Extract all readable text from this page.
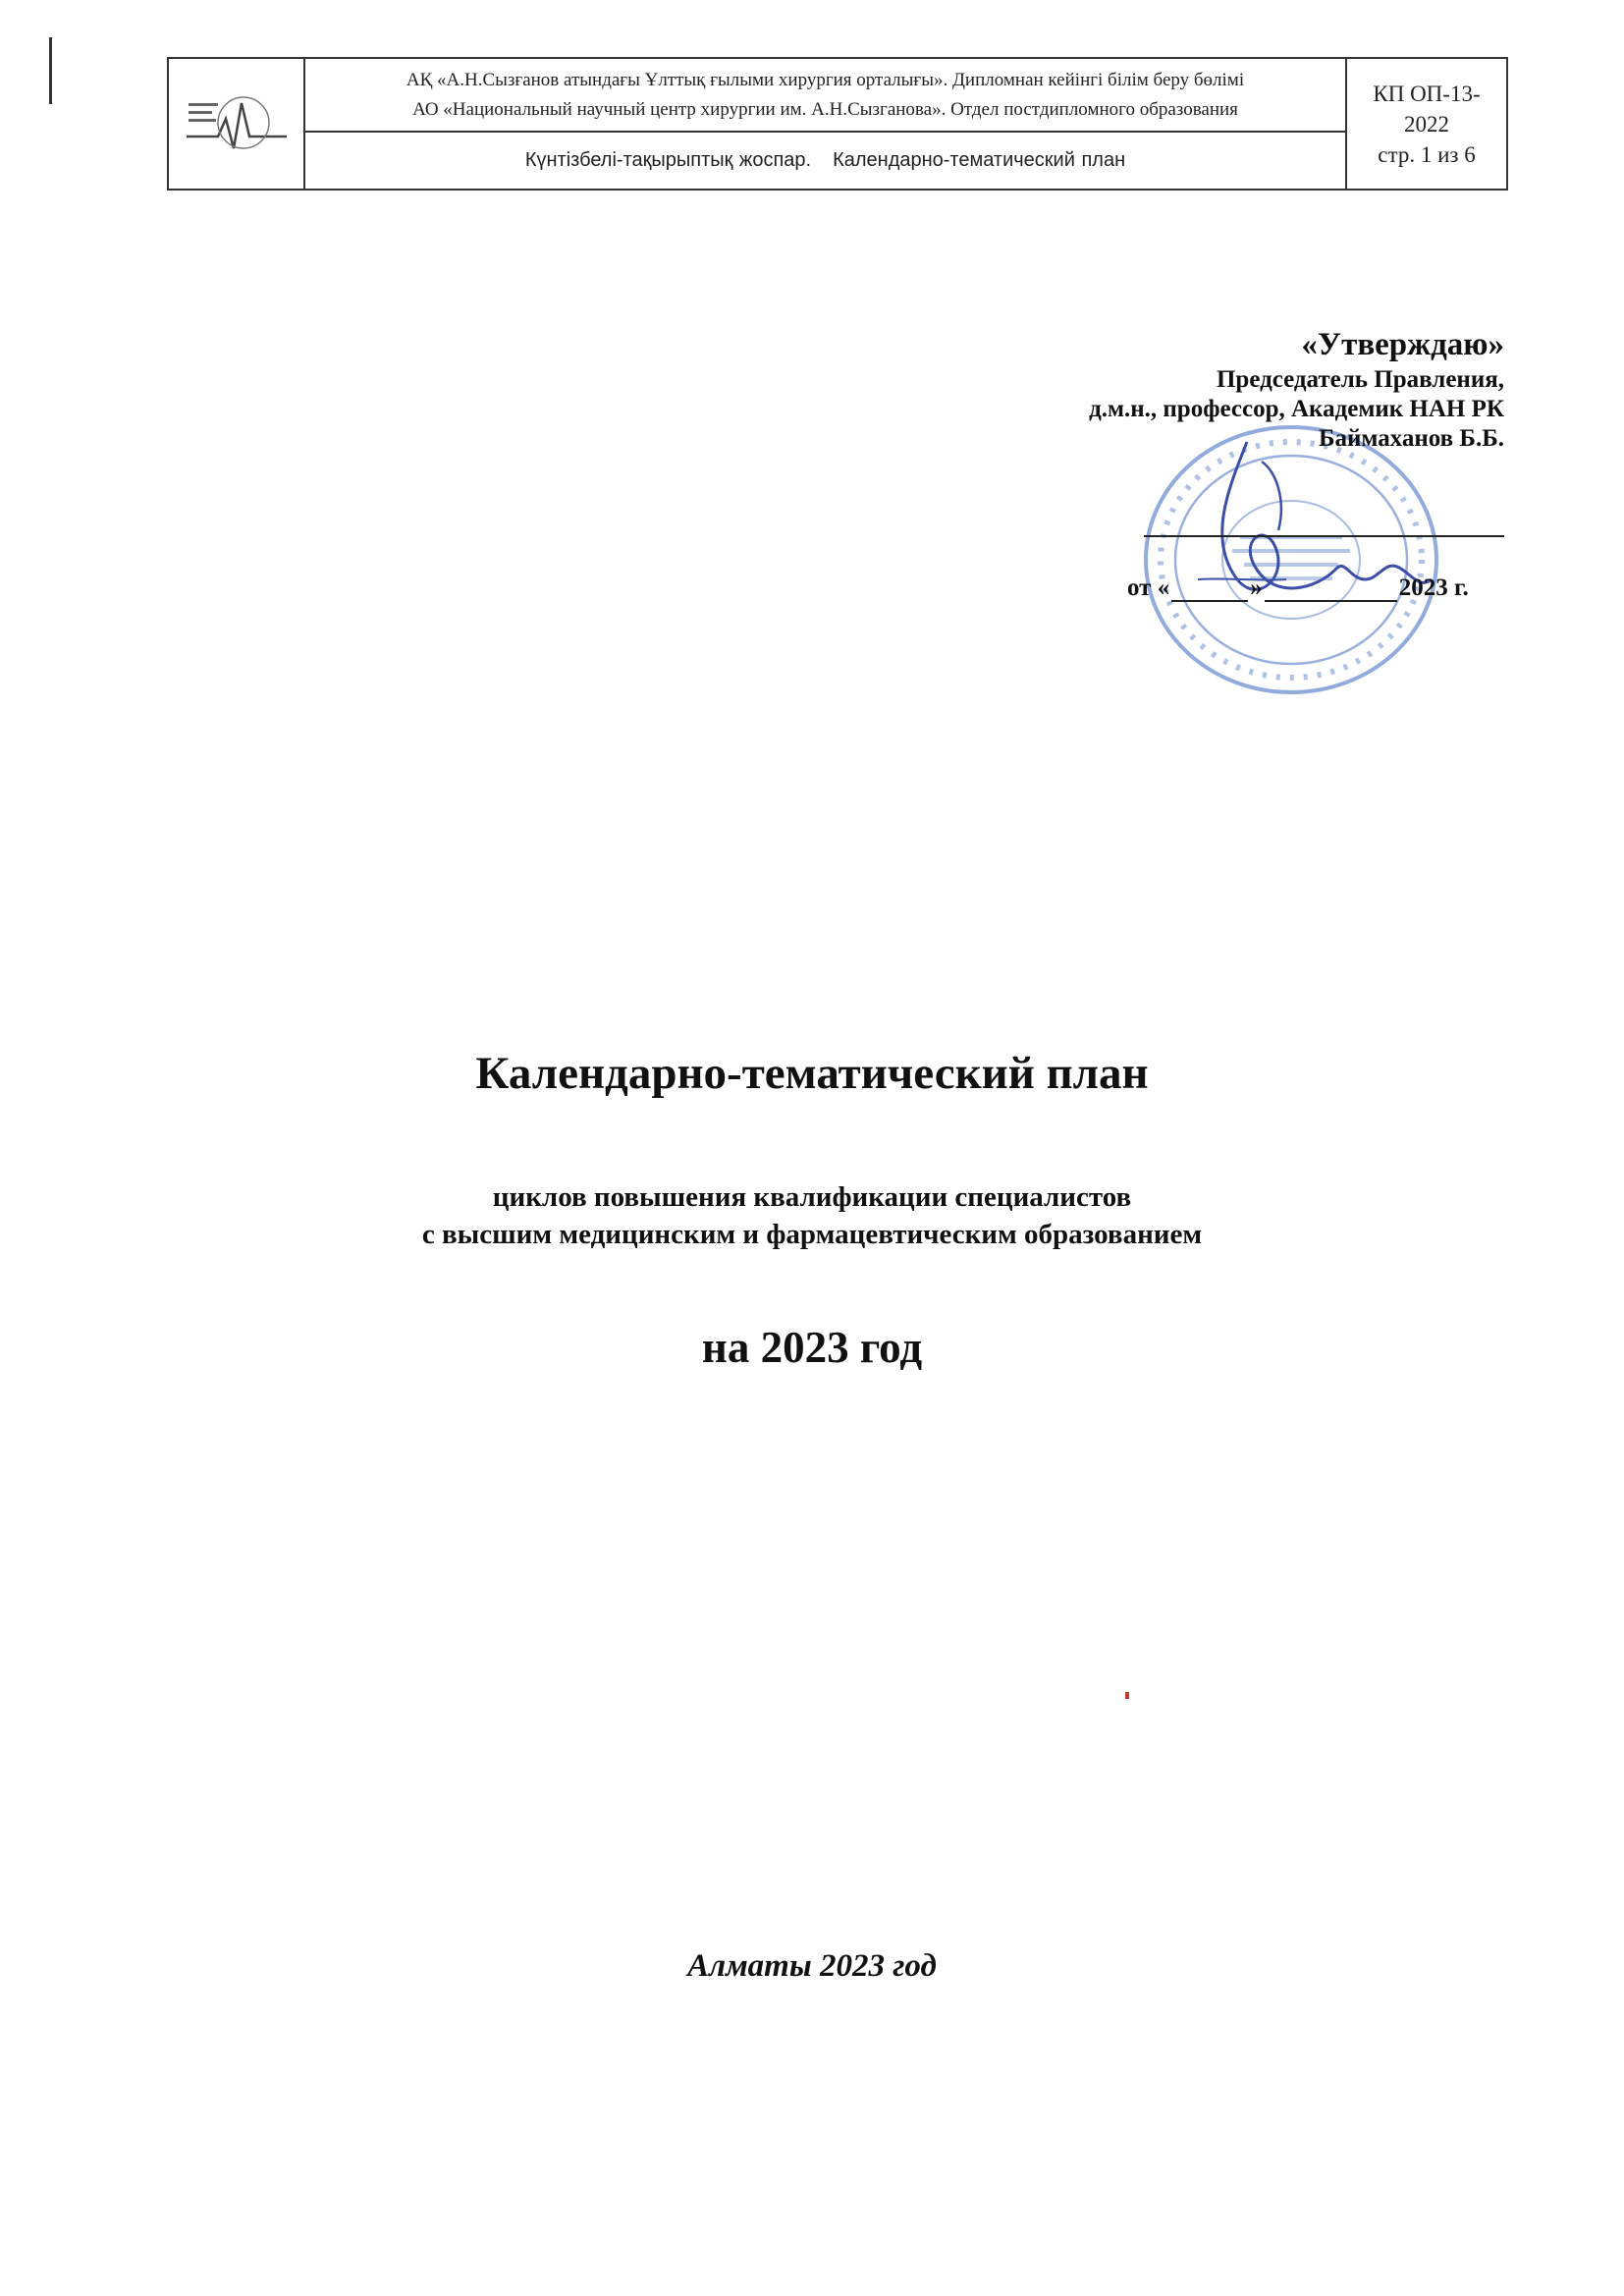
АҚ «А.Н.Сызғанов атындағы Ұлттық ғылыми хирургия орталығы». Дипломнан кейінгі білім беру бөлімі
АО «Национальный научный центр хирургии им. А.Н.Сызганова». Отдел постдипломного образования
Күнтізбелі-тақырыптық жоспар. Календарно-тематический план
КП ОП-13-
2022
стр. 1 из 6
«Утверждаю»
Председатель Правления,
д.м.н., профессор, Академик НАН РК
Баймаханов Б.Б.
от «	»	2023 г.
Календарно-тематический план
циклов повышения квалификации специалистов
с высшим медицинским и фармацевтическим образованием
на 2023 год
Алматы 2023 год
